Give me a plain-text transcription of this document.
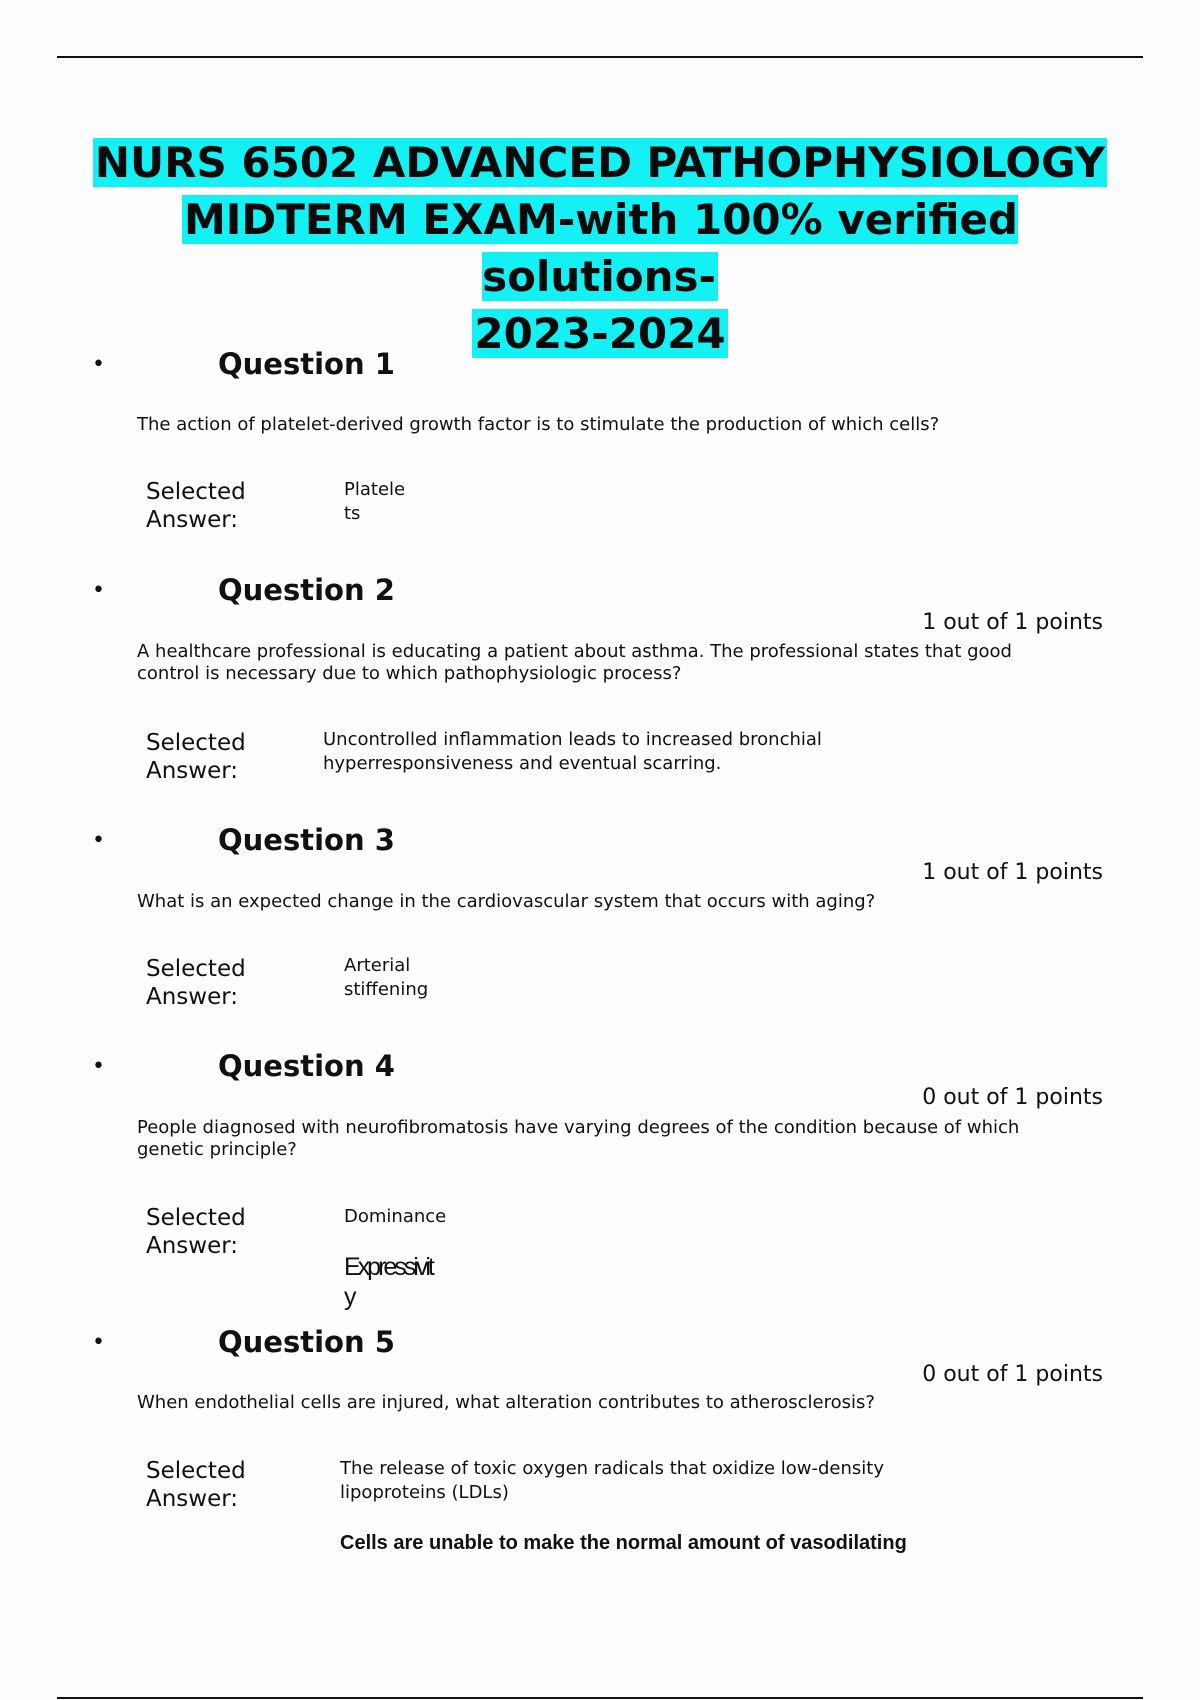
NURS 6502 ADVANCED PATHOPHYSIOLOGY
MIDTERM EXAM-with 100% verified solutions-
2023-2024
•	Question 1
The action of platelet-derived growth factor is to stimulate the production of which cells?
Selected
Answer:
Platele
ts
•	Question 2
1 out of 1 points
A healthcare professional is educating a patient about asthma. The professional states that good control is necessary due to which pathophysiologic process?
Selected
Answer:
Uncontrolled inflammation leads to increased bronchial
hyperresponsiveness and eventual scarring.
•	Question 3
1 out of 1 points
What is an expected change in the cardiovascular system that occurs with aging?
Selected
Answer:
Arterial
stiffening
•	Question 4
0 out of 1 points
People diagnosed with neurofibromatosis have varying degrees of the condition because of which genetic principle?
Selected
Answer:
Dominance
Expressivit
y
•	Question 5
0 out of 1 points
When endothelial cells are injured, what alteration contributes to atherosclerosis?
Selected
Answer:
The release of toxic oxygen radicals that oxidize low-density
lipoproteins (LDLs)
Cells are unable to make the normal amount of vasodilating
